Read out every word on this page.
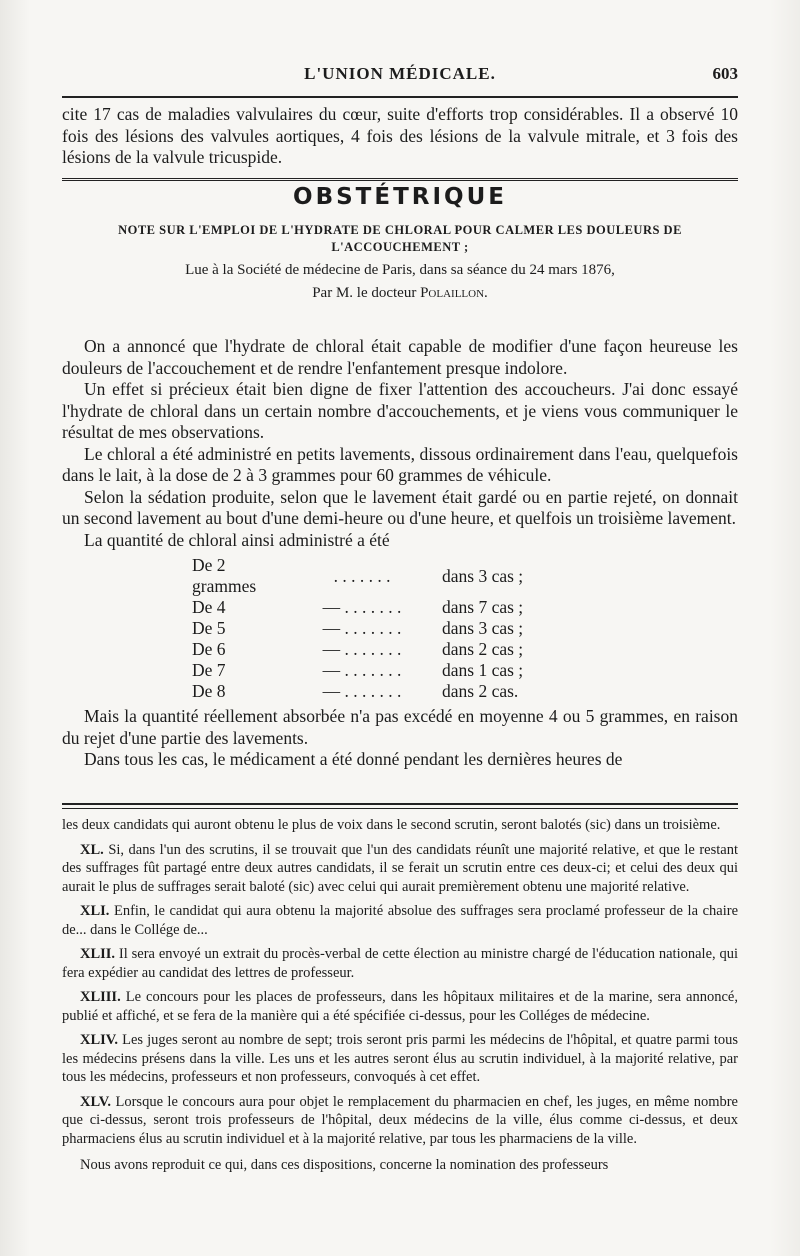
L'UNION MÉDICALE.	603

cite 17 cas de maladies valvulaires du cœur, suite d'efforts trop considérables. Il a observé 10 fois des lésions des valvules aortiques, 4 fois des lésions de la valvule mitrale, et 3 fois des lésions de la valvule tricuspide.

OBSTÉTRIQUE

NOTE SUR L'EMPLOI DE L'HYDRATE DE CHLORAL POUR CALMER LES DOULEURS DE L'ACCOUCHEMENT ;

Lue à la Société de médecine de Paris, dans sa séance du 24 mars 1876,

Par M. le docteur Polaillon.

On a annoncé que l'hydrate de chloral était capable de modifier d'une façon heureuse les douleurs de l'accouchement et de rendre l'enfantement presque indolore.

Un effet si précieux était bien digne de fixer l'attention des accoucheurs. J'ai donc essayé l'hydrate de chloral dans un certain nombre d'accouchements, et je viens vous communiquer le résultat de mes observations.

Le chloral a été administré en petits lavements, dissous ordinairement dans l'eau, quelquefois dans le lait, à la dose de 2 à 3 grammes pour 60 grammes de véhicule.

Selon la sédation produite, selon que le lavement était gardé ou en partie rejeté, on donnait un second lavement au bout d'une demi-heure ou d'une heure, et quelfois un troisième lavement.

La quantité de chloral ainsi administré a été

De 2 grammes	. . . . . . .	dans 3 cas ;
De 4	— . . . . . . .	dans 7 cas ;
De 5	— . . . . . . .	dans 3 cas ;
De 6	— . . . . . . .	dans 2 cas ;
De 7	— . . . . . . .	dans 1 cas ;
De 8	— . . . . . . .	dans 2 cas.

Mais la quantité réellement absorbée n'a pas excédé en moyenne 4 ou 5 grammes, en raison du rejet d'une partie des lavements.

Dans tous les cas, le médicament a été donné pendant les dernières heures de

les deux candidats qui auront obtenu le plus de voix dans le second scrutin, seront balotés (sic) dans un troisième.

XL. Si, dans l'un des scrutins, il se trouvait que l'un des candidats réunît une majorité relative, et que le restant des suffrages fût partagé entre deux autres candidats, il se ferait un scrutin entre ces deux-ci; et celui des deux qui aurait le plus de suffrages serait baloté (sic) avec celui qui aurait premièrement obtenu une majorité relative.

XLI. Enfin, le candidat qui aura obtenu la majorité absolue des suffrages sera proclamé professeur de la chaire de... dans le Collége de...

XLII. Il sera envoyé un extrait du procès-verbal de cette élection au ministre chargé de l'éducation nationale, qui fera expédier au candidat des lettres de professeur.

XLIII. Le concours pour les places de professeurs, dans les hôpitaux militaires et de la marine, sera annoncé, publié et affiché, et se fera de la manière qui a été spécifiée ci-dessus, pour les Colléges de médecine.

XLIV. Les juges seront au nombre de sept; trois seront pris parmi les médecins de l'hôpital, et quatre parmi tous les médecins présens dans la ville. Les uns et les autres seront élus au scrutin individuel, à la majorité relative, par tous les médecins, professeurs et non professeurs, convoqués à cet effet.

XLV. Lorsque le concours aura pour objet le remplacement du pharmacien en chef, les juges, en même nombre que ci-dessus, seront trois professeurs de l'hôpital, deux médecins de la ville, élus comme ci-dessus, et deux pharmaciens élus au scrutin individuel et à la majorité relative, par tous les pharmaciens de la ville.

Nous avons reproduit ce qui, dans ces dispositions, concerne la nomination des professeurs
